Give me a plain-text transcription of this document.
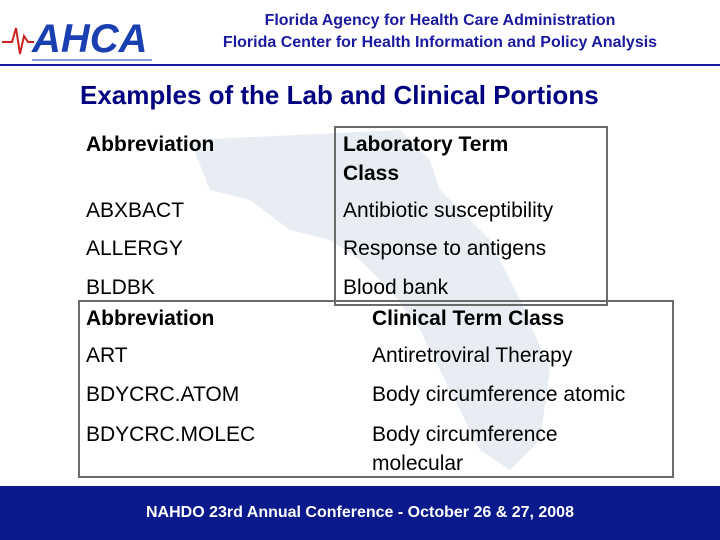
AHCA	Florida Agency for Health Care Administration
Florida Center for Health Information and Policy Analysis
Examples of the Lab and Clinical Portions
Abbreviation	Laboratory Term
Class
ABXBACT	Antibiotic susceptibility
ALLERGY	Response to antigens
BLDBK	Blood bank
Abbreviation	Clinical Term Class
ART	Antiretroviral Therapy
BDYCRC.ATOM	Body circumference atomic
BDYCRC.MOLEC	Body circumference
molecular
NAHDO 23rd Annual Conference - October 26 & 27, 2008
